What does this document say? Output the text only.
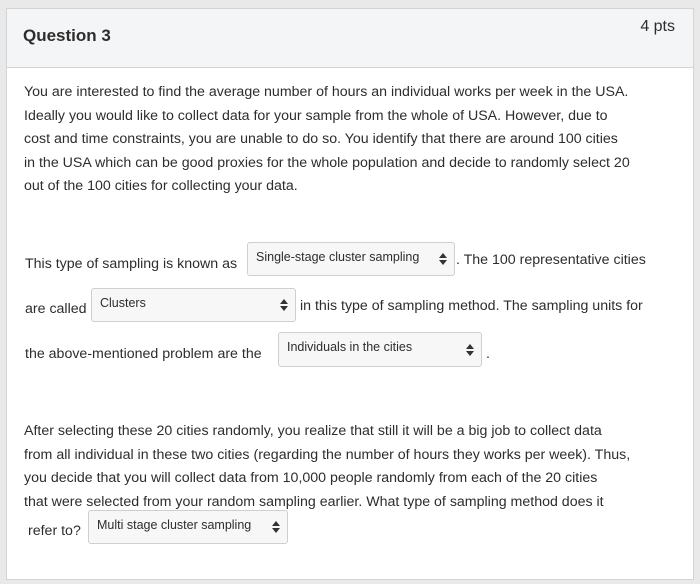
Question 3	4 pts
You are interested to find the average number of hours an individual works per week in the USA.
Ideally you would like to collect data for your sample from the whole of USA. However, due to
cost and time constraints, you are unable to do so. You identify that there are around 100 cities
in the USA which can be good proxies for the whole population and decide to randomly select 20
out of the 100 cities for collecting your data.
This type of sampling is known as Single-stage cluster sampling	. The 100 representative cities
are called Clusters	in this type of sampling method. The sampling units for
the above-mentioned problem are the Individuals in the cities	.
After selecting these 20 cities randomly, you realize that still it will be a big job to collect data
from all individual in these two cities (regarding the number of hours they works per week). Thus,
you decide that you will collect data from 10,000 people randomly from each of the 20 cities
that were selected from your random sampling earlier. What type of sampling method does it
refer to? Multi stage cluster sampling
